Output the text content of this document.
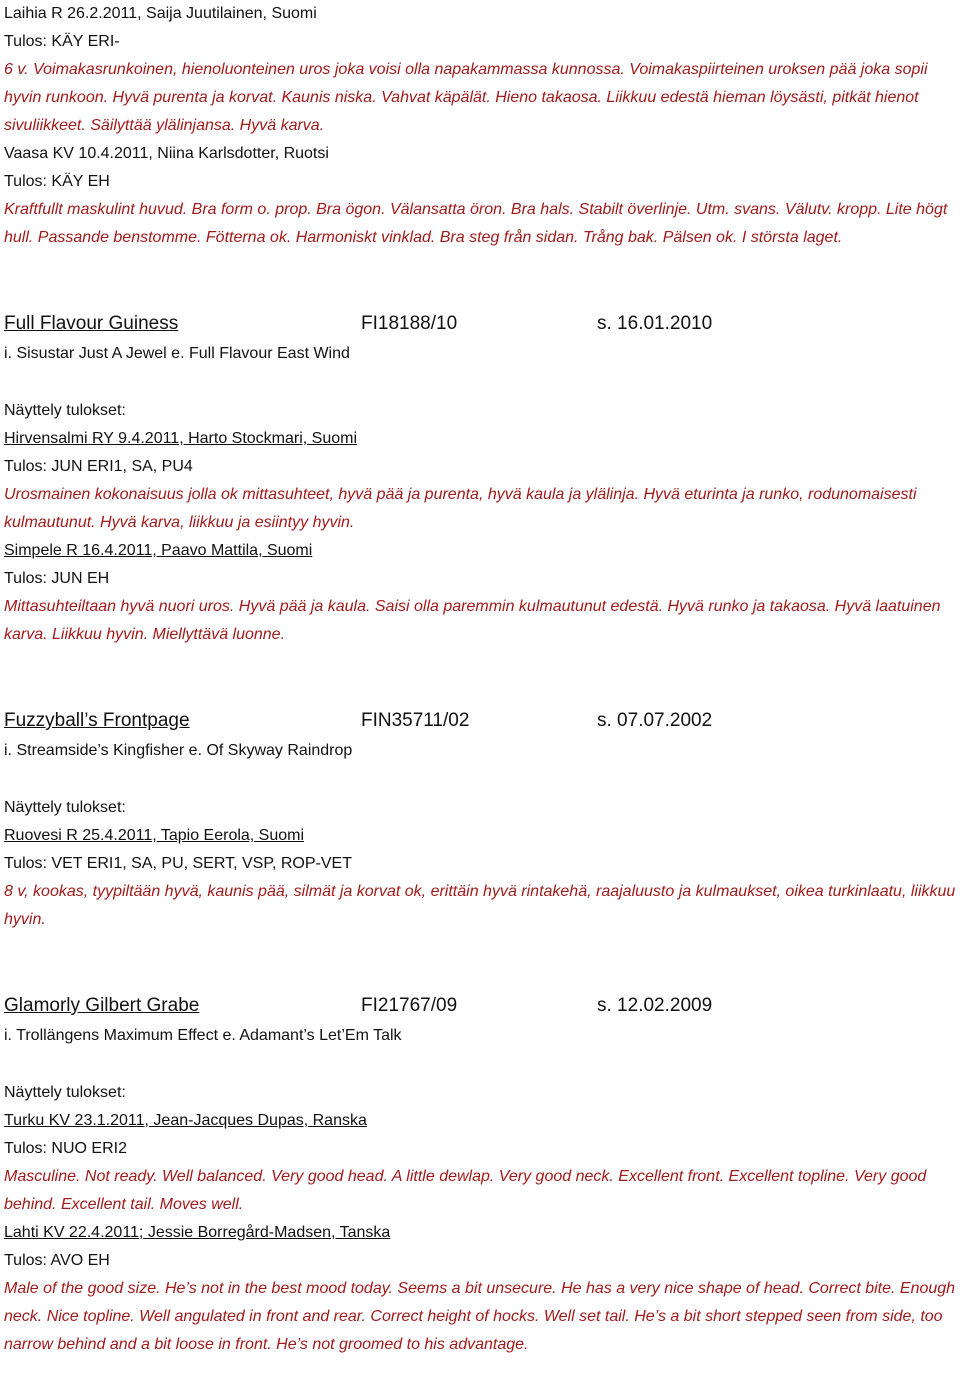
Laihia R 26.2.2011, Saija Juutilainen, Suomi
Tulos: KÄY ERI-
6 v. Voimakasrunkoinen, hienoluonteinen uros joka voisi olla napakammassa kunnossa. Voimakaspiirteinen uroksen pää joka sopii hyvin runkoon. Hyvä purenta ja korvat. Kaunis niska. Vahvat käpälät. Hieno takaosa. Liikkuu edestä hieman löysästi, pitkät hienot sivuliikkeet. Säilyttää ylälinjansa. Hyvä karva.
Vaasa KV 10.4.2011, Niina Karlsdotter, Ruotsi
Tulos: KÄY EH
Kraftfullt maskulint huvud. Bra form o. prop. Bra ögon. Välansatta öron. Bra hals. Stabilt överlinje. Utm. svans. Välutv. kropp. Lite högt hull. Passande benstomme. Fötterna ok. Harmoniskt vinklad. Bra steg från sidan. Trång bak. Pälsen ok. I största laget.
Full Flavour Guiness	FI18188/10	s. 16.01.2010
i. Sisustar Just A Jewel e. Full Flavour East Wind
Näyttely tulokset:
Hirvensalmi RY 9.4.2011, Harto Stockmari, Suomi
Tulos: JUN ERI1, SA, PU4
Urosmainen kokonaisuus jolla ok mittasuhteet, hyvä pää ja purenta, hyvä kaula ja ylälinja. Hyvä eturinta ja runko, rodunomaisesti kulmautunut. Hyvä karva, liikkuu ja esiintyy hyvin.
Simpele R 16.4.2011, Paavo Mattila, Suomi
Tulos: JUN EH
Mittasuhteiltaan hyvä nuori uros. Hyvä pää ja kaula. Saisi olla paremmin kulmautunut edestä. Hyvä runko ja takaosa. Hyvä laatuinen karva. Liikkuu hyvin. Miellyttävä luonne.
Fuzzyball’s Frontpage	FIN35711/02	s. 07.07.2002
i. Streamside’s Kingfisher e. Of Skyway Raindrop
Näyttely tulokset:
Ruovesi R 25.4.2011, Tapio Eerola, Suomi
Tulos: VET ERI1, SA, PU, SERT, VSP, ROP-VET
8 v, kookas, tyypiltään hyvä, kaunis pää, silmät ja korvat ok, erittäin hyvä rintakehä, raajaluusto ja kulmaukset, oikea turkinlaatu, liikkuu hyvin.
Glamorly Gilbert Grabe	FI21767/09	s. 12.02.2009
i. Trollängens Maximum Effect e. Adamant’s Let’Em Talk
Näyttely tulokset:
Turku KV 23.1.2011, Jean-Jacques Dupas, Ranska
Tulos: NUO ERI2
Masculine. Not ready. Well balanced. Very good head. A little dewlap. Very good neck. Excellent front. Excellent topline. Very good behind. Excellent tail. Moves well.
Lahti KV 22.4.2011; Jessie Borregård-Madsen, Tanska
Tulos: AVO EH
Male of the good size. He’s not in the best mood today. Seems a bit unsecure. He has a very nice shape of head. Correct bite. Enough neck. Nice topline. Well angulated in front and rear. Correct height of hocks. Well set tail. He’s a bit short stepped seen from side, too narrow behind and a bit loose in front. He’s not groomed to his advantage.
